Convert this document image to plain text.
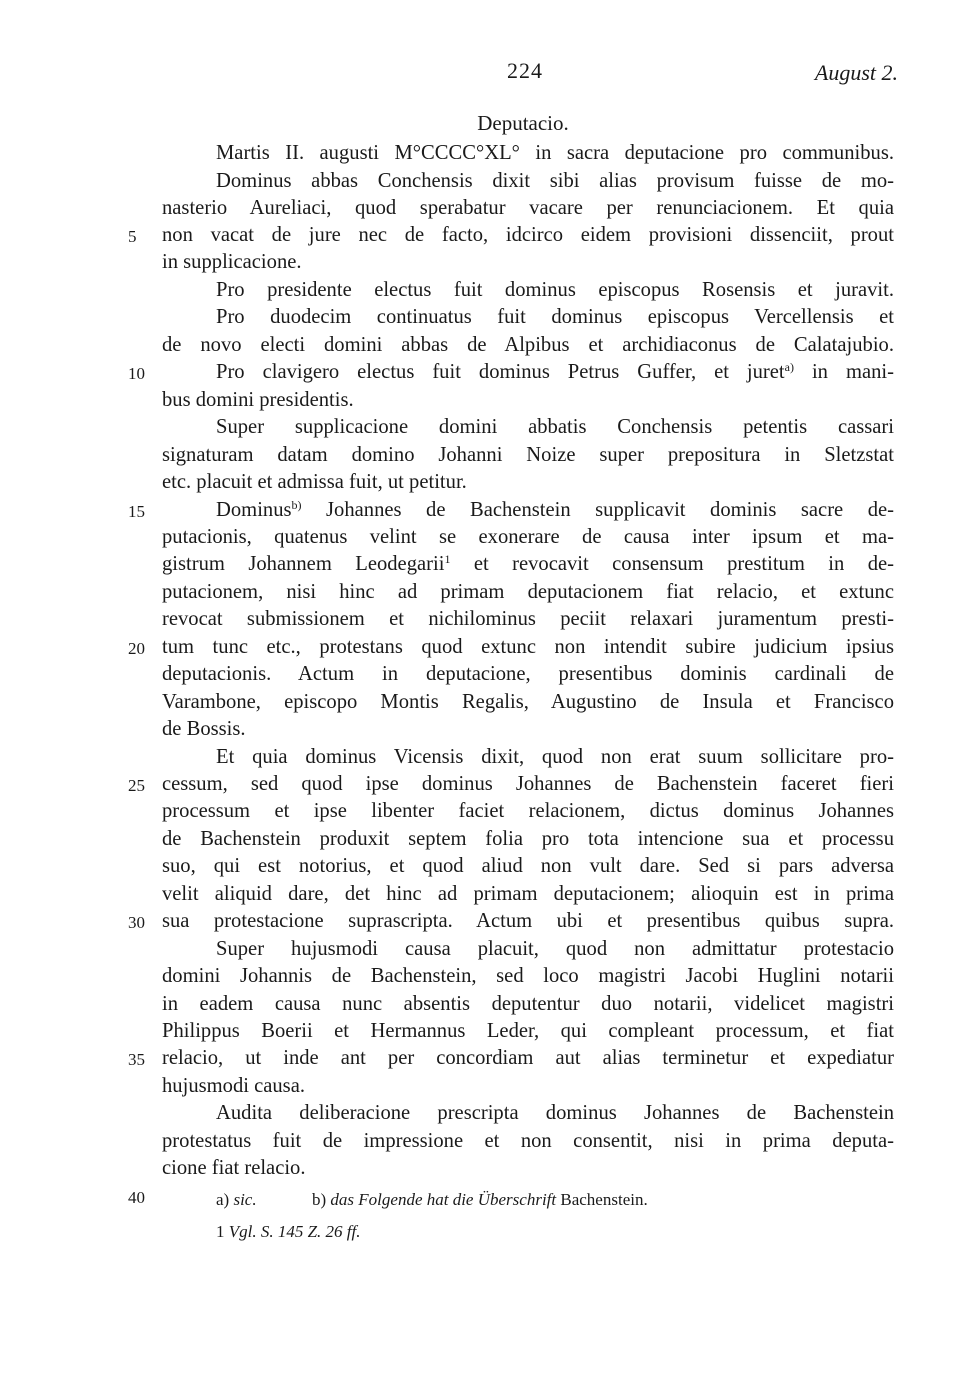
224	August 2.
Deputacio.
Martis II. augusti M°CCCC°XL° in sacra deputacione pro communibus.
Dominus abbas Conchensis dixit sibi alias provisum fuisse de mo-
nasterio Aureliaci, quod sperabatur vacare per renunciacionem. Et quia
non vacat de jure nec de facto, idcirco eidem provisioni dissenciit, prout
in supplicacione.
Pro presidente electus fuit dominus episcopus Rosensis et juravit.
Pro duodecim continuatus fuit dominus episcopus Vercellensis et
de novo electi domini abbas de Alpibus et archidiaconus de Calatajubio.
Pro clavigero electus fuit dominus Petrus Guffer, et juret$^{a)}$ in mani-
bus domini presidentis.
Super supplicacione domini abbatis Conchensis petentis cassari
signaturam datam domino Johanni Noize super prepositura in Sletzstat
etc. placuit et admissa fuit, ut petitur.
Dominus$^{b)}$ Johannes de Bachenstein supplicavit dominis sacre de-
putacionis, quatenus velint se exonerare de causa inter ipsum et ma-
gistrum Johannem Leodegarii$^1$ et revocavit consensum prestitum in de-
putacionem, nisi hinc ad primam deputacionem fiat relacio, et extunc
revocat submissionem et nichilominus peciit relaxari juramentum presti-
tum tunc etc., protestans quod extunc non intendit subire judicium ipsius
deputacionis. Actum in deputacione, presentibus dominis cardinali de
Varambone, episcopo Montis Regalis, Augustino de Insula et Francisco
de Bossis.
Et quia dominus Vicensis dixit, quod non erat suum sollicitare pro-
cessum, sed quod ipse dominus Johannes de Bachenstein faceret fieri
processum et ipse libenter faciet relacionem, dictus dominus Johannes
de Bachenstein produxit septem folia pro tota intencione sua et processu
suo, qui est notorius, et quod aliud non vult dare. Sed si pars adversa
velit aliquid dare, det hinc ad primam deputacionem; alioquin est in prima
sua protestacione suprascripta. Actum ubi et presentibus quibus supra.
Super hujusmodi causa placuit, quod non admittatur protestacio
domini Johannis de Bachenstein, sed loco magistri Jacobi Huglini notarii
in eadem causa nunc absentis deputentur duo notarii, videlicet magistri
Philippus Boerii et Hermannus Leder, qui compleant processum, et fiat
relacio, ut inde ant per concordiam aut alias terminetur et expediatur
hujusmodi causa.
Audita deliberacione prescripta dominus Johannes de Bachenstein
protestatus fuit de impressione et non consentit, nisi in prima deputa-
cione fiat relacio.
5
10
15
20
25
30
35
40	a) sic.	b) das Folgende hat die Überschrift Bachenstein.
1 Vgl. S. 145 Z. 26 ff.
